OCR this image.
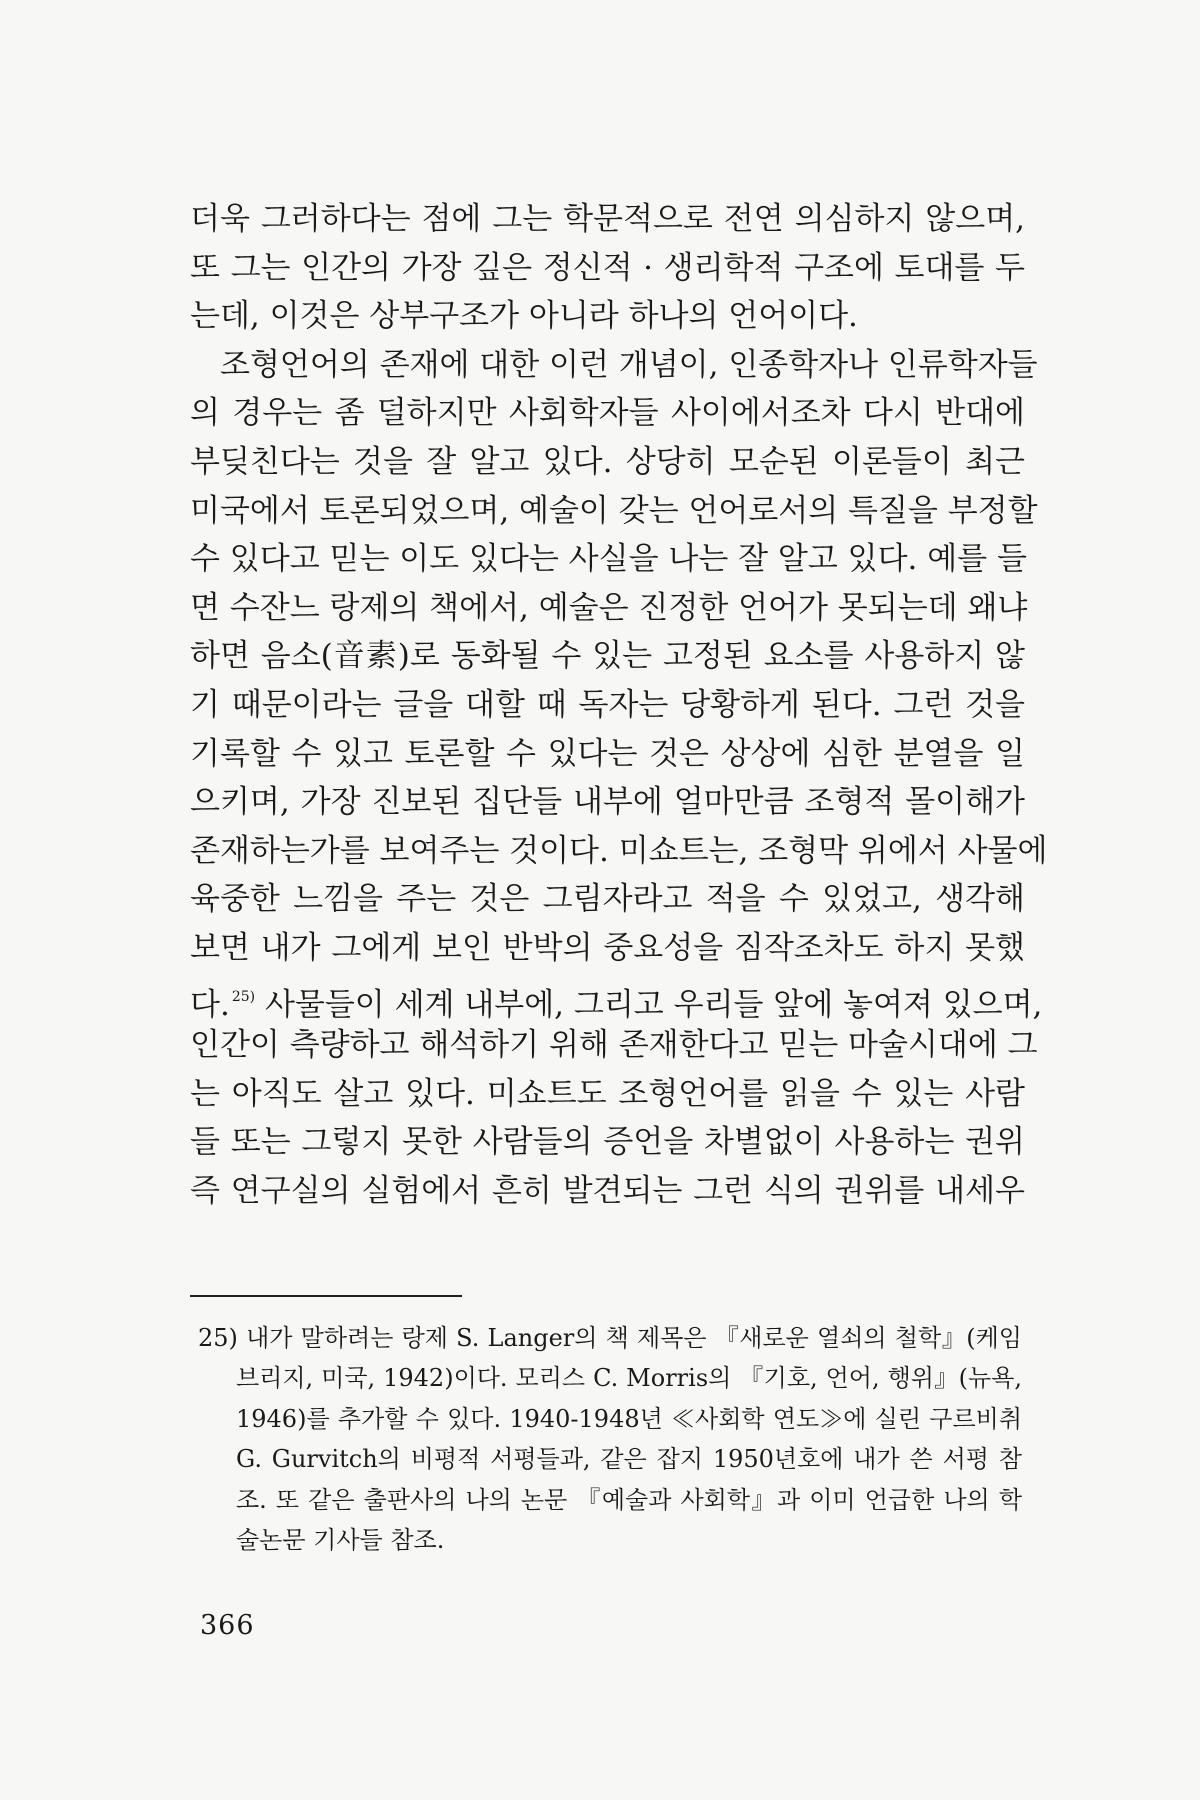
더욱 그러하다는 점에 그는 학문적으로 전연 의심하지 않으며,
또 그는 인간의 가장 깊은 정신적 · 생리학적 구조에 토대를 두
는데, 이것은 상부구조가 아니라 하나의 언어이다.
조형언어의 존재에 대한 이런 개념이, 인종학자나 인류학자들
의 경우는 좀 덜하지만 사회학자들 사이에서조차 다시 반대에
부딪친다는 것을 잘 알고 있다. 상당히 모순된 이론들이 최근
미국에서 토론되었으며, 예술이 갖는 언어로서의 특질을 부정할
수 있다고 믿는 이도 있다는 사실을 나는 잘 알고 있다. 예를 들
면 수잔느 랑제의 책에서, 예술은 진정한 언어가 못되는데 왜냐
하면 음소(音素)로 동화될 수 있는 고정된 요소를 사용하지 않
기 때문이라는 글을 대할 때 독자는 당황하게 된다. 그런 것을
기록할 수 있고 토론할 수 있다는 것은 상상에 심한 분열을 일
으키며, 가장 진보된 집단들 내부에 얼마만큼 조형적 몰이해가
존재하는가를 보여주는 것이다. 미쇼트는, 조형막 위에서 사물에
육중한 느낌을 주는 것은 그림자라고 적을 수 있었고, 생각해
보면 내가 그에게 보인 반박의 중요성을 짐작조차도 하지 못했
다. $^{25)}$ 사물들이 세계 내부에, 그리고 우리들 앞에 놓여져 있으며,
인간이 측량하고 해석하기 위해 존재한다고 믿는 마술시대에 그
는 아직도 살고 있다. 미쇼트도 조형언어를 읽을 수 있는 사람
들 또는 그렇지 못한 사람들의 증언을 차별없이 사용하는 권위
즉 연구실의 실험에서 흔히 발견되는 그런 식의 권위를 내세우
25) 내가 말하려는 랑제 S. Langer의 책 제목은 『새로운 열쇠의 철학』(케임
브리지, 미국, 1942)이다. 모리스 C. Morris의 『기호, 언어, 행위』(뉴욕,
1946)를 추가할 수 있다. 1940-1948년 ≪사회학 연도≫에 실린 구르비취
G. Gurvitch의 비평적 서평들과, 같은 잡지 1950년호에 내가 쓴 서평 참
조. 또 같은 출판사의 나의 논문 『예술과 사회학』과 이미 언급한 나의 학
술논문 기사들 참조.
366
